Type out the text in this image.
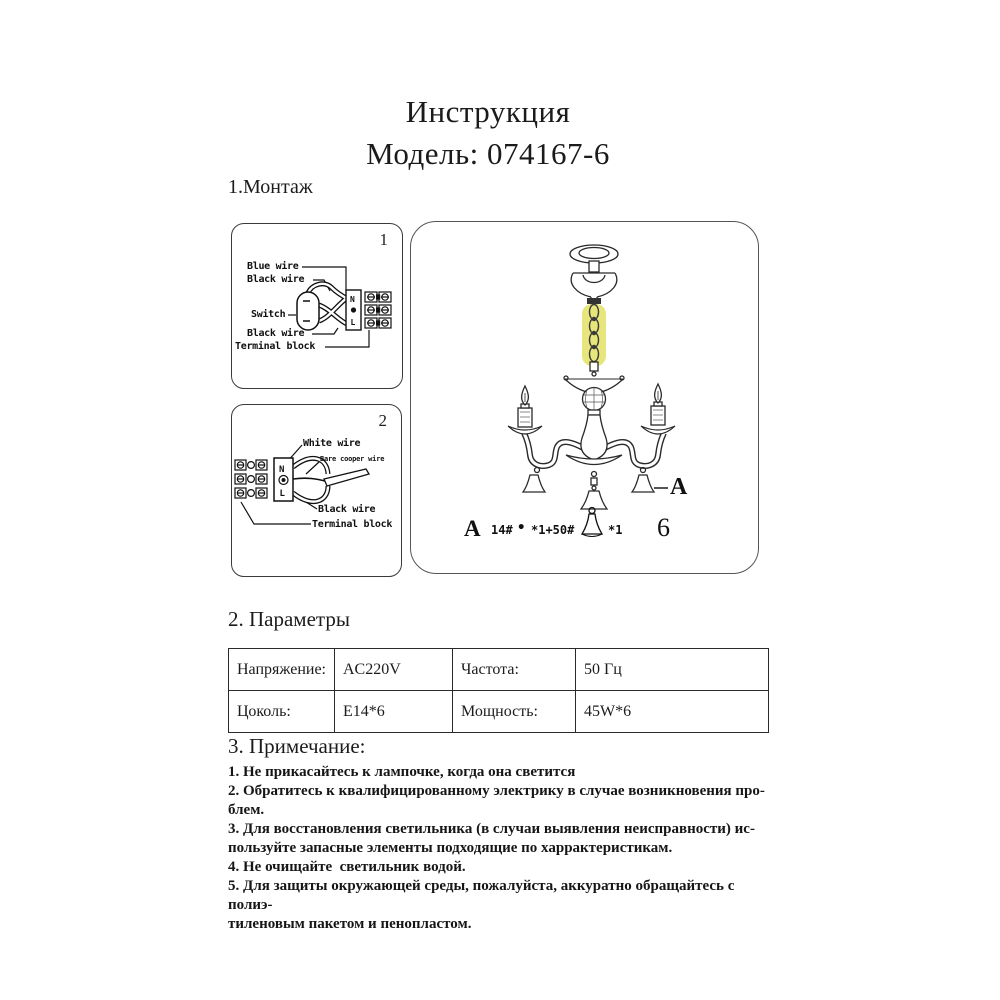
Инструкция
Модель: 074167-6
1.Монтаж
N
L
1
Blue wire
Black wire
Switch
Black wire
Terminal block
N
L
2
White wire
Bare cooper wire
Black wire
Terminal block
A
A 14# • *1+50#	*1 6
2. Параметры
Напряжение:	AC220V	Частота:	50 Гц
Цоколь:	E14*6	Мощность:	45W*6
3. Примечание:
1. Не прикасайтесь к лампочке, когда она светится
2. Обратитесь к квалифицированному электрику в случае возникновения про-
блем.
3. Для восстановления светильника (в случаи выявления неисправности) ис-
пользуйте запасные элементы подходящие по харрактеристикам.
4. Не очищайте  светильник водой.
5. Для защиты окружающей среды, пожалуйста, аккуратно обращайтесь с полиэ-
тиленовым пакетом и пенопластом.
